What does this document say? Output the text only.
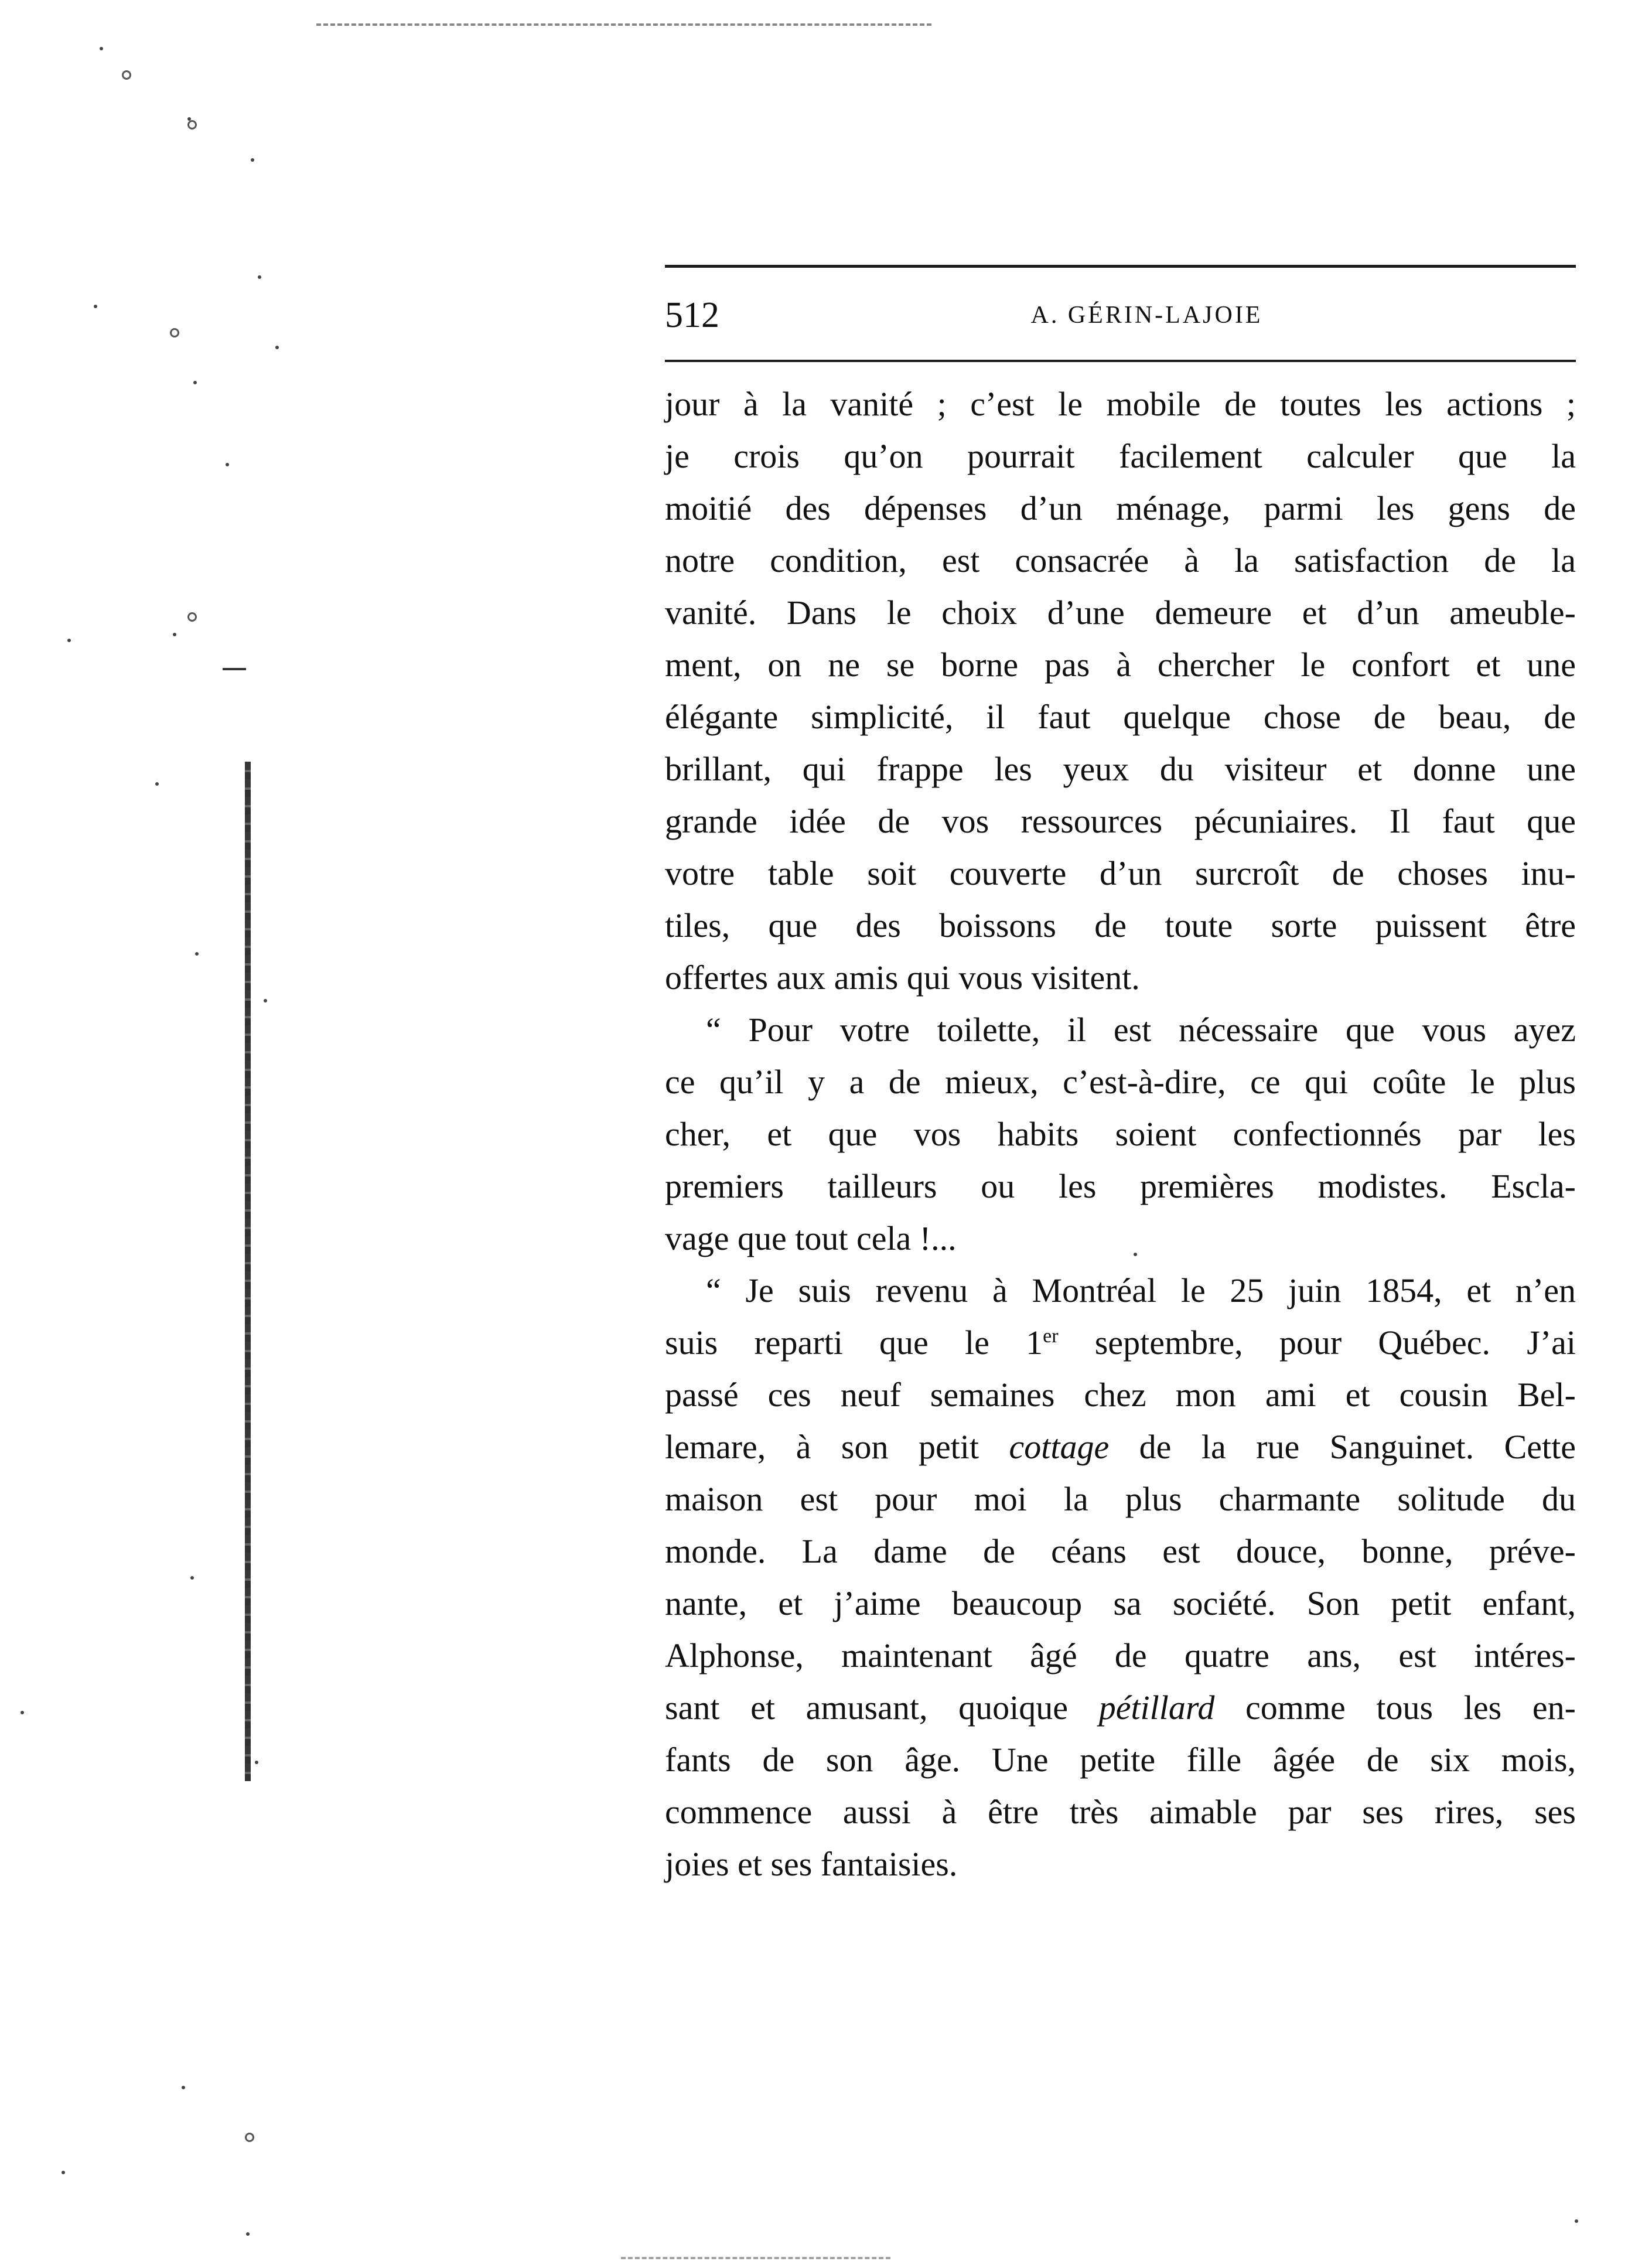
512	A. GÉRIN-LAJOIE
jour à la vanité ; c’est le mobile de toutes les actions ;
je crois qu’on pourrait facilement calculer que la
moitié des dépenses d’un ménage, parmi les gens de
notre condition, est consacrée à la satisfaction de la
vanité. Dans le choix d’une demeure et d’un ameuble-
ment, on ne se borne pas à chercher le confort et une
élégante simplicité, il faut quelque chose de beau, de
brillant, qui frappe les yeux du visiteur et donne une
grande idée de vos ressources pécuniaires. Il faut que
votre table soit couverte d’un surcroît de choses inu-
tiles, que des boissons de toute sorte puissent être
offertes aux amis qui vous visitent.
“ Pour votre toilette, il est nécessaire que vous ayez
ce qu’il y a de mieux, c’est-à-dire, ce qui coûte le plus
cher, et que vos habits soient confectionnés par les
premiers tailleurs ou les premières modistes. Escla-
vage que tout cela !...
“ Je suis revenu à Montréal le 25 juin 1854, et n’en
suis reparti que le 1er septembre, pour Québec. J’ai
passé ces neuf semaines chez mon ami et cousin Bel-
lemare, à son petit cottage de la rue Sanguinet. Cette
maison est pour moi la plus charmante solitude du
monde. La dame de céans est douce, bonne, préve-
nante, et j’aime beaucoup sa société. Son petit enfant,
Alphonse, maintenant âgé de quatre ans, est intéres-
sant et amusant, quoique pétillard comme tous les en-
fants de son âge. Une petite fille âgée de six mois,
commence aussi à être très aimable par ses rires, ses
joies et ses fantaisies.
